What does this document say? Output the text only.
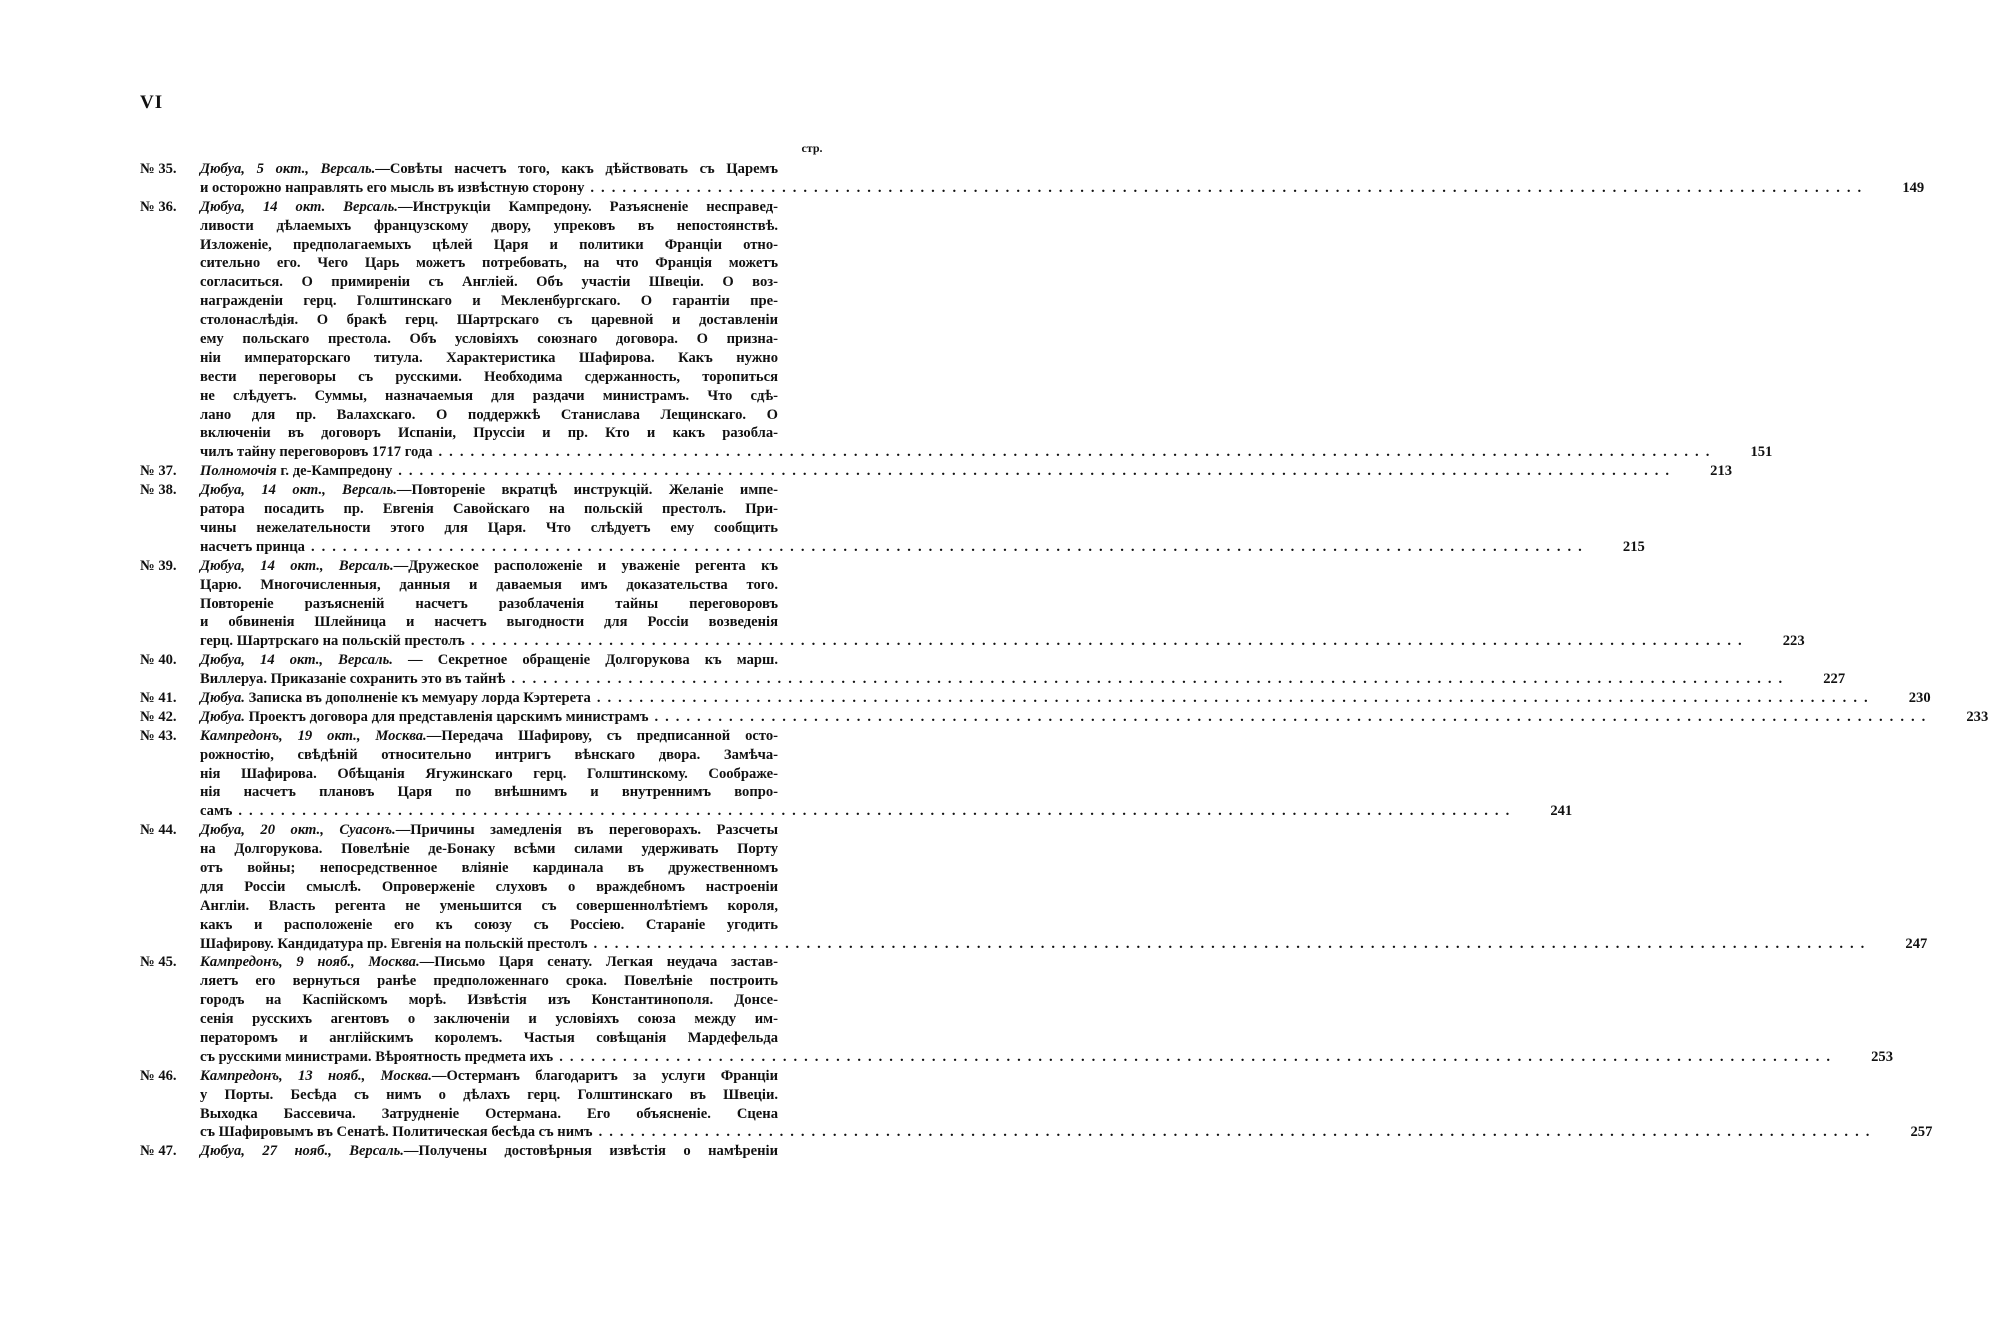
VI
стр.
№ 35.	Дюбуа, 5 окт., Версаль.—Совѣты насчетъ того, какъ дѣйствовать съ Царемъ
и осторожно направлять его мысль въ извѣстную сторону ........................................................................................................................	149
№ 36.	Дюбуа, 14 окт. Версаль.—Инструкціи Кампредону. Разъясненіе несправед-
ливости дѣлаемыхъ французскому двору, упрековъ въ непостоянствѣ.
Изложеніе, предполагаемыхъ цѣлей Царя и политики Франціи отно-
сительно его. Чего Царь можетъ потребовать, на что Франція можетъ
согласиться. О примиреніи съ Англіей. Объ участіи Швеціи. О воз-
награжденіи герц. Голштинскаго и Мекленбургскаго. О гарантіи пре-
столонаслѣдія. О бракѣ герц. Шартрскаго съ царевной и доставленіи
ему польскаго престола. Объ условіяхъ союзнаго договора. О призна-
ніи императорскаго титула. Характеристика Шафирова. Какъ нужно
вести переговоры съ русскими. Необходима сдержанность, торопиться
не слѣдуетъ. Суммы, назначаемыя для раздачи министрамъ. Что сдѣ-
лано для пр. Валахскаго. О поддержкѣ Станислава Лещинскаго. О
включеніи въ договоръ Испаніи, Пруссіи и пр. Кто и какъ разобла-
чилъ тайну переговоровъ 1717 года ........................................................................................................................	151
№ 37.	Полномочія г. де-Кампредону ........................................................................................................................	213
№ 38.	Дюбуа, 14 окт., Версаль.—Повтореніе вкратцѣ инструкцій. Желаніе импе-
ратора посадить пр. Евгенія Савойскаго на польскій престолъ. При-
чины нежелательности этого для Царя. Что слѣдуетъ ему сообщить
насчетъ принца ........................................................................................................................	215
№ 39.	Дюбуа, 14 окт., Версаль.—Дружеское расположеніе и уваженіе регента къ
Царю. Многочисленныя, данныя и даваемыя имъ доказательства того.
Повтореніе разъясненій насчетъ разоблаченія тайны переговоровъ
и обвиненія Шлейница и насчетъ выгодности для Россіи возведенія
герц. Шартрскаго на польскій престолъ ........................................................................................................................	223
№ 40.	Дюбуа, 14 окт., Версаль. — Секретное обращеніе Долгорукова къ марш.
Виллеруа. Приказаніе сохранить это въ тайнѣ ........................................................................................................................	227
№ 41.	Дюбуа. Записка въ дополненіе къ мемуару лорда Кэртерета ........................................................................................................................	230
№ 42.	Дюбуа. Проектъ договора для представленія царскимъ министрамъ ........................................................................................................................	233
№ 43.	Кампредонъ, 19 окт., Москва.—Передача Шафирову, съ предписанной осто-
рожностію, свѣдѣній относительно интригъ вѣнскаго двора. Замѣча-
нія Шафирова. Обѣщанія Ягужинскаго герц. Голштинскому. Соображе-
нія насчетъ плановъ Царя по внѣшнимъ и внутреннимъ вопро-
самъ ........................................................................................................................	241
№ 44.	Дюбуа, 20 окт., Суасонъ.—Причины замедленія въ переговорахъ. Разсчеты
на Долгорукова. Повелѣніе де-Бонаку всѣми силами удерживать Порту
отъ войны; непосредственное вліяніе кардинала въ дружественномъ
для Россіи смыслѣ. Опроверженіе слуховъ о враждебномъ настроеніи
Англіи. Власть регента не уменьшится съ совершеннолѣтіемъ короля,
какъ и расположеніе его къ союзу съ Россіею. Стараніе угодить
Шафирову. Кандидатура пр. Евгенія на польскій престолъ ........................................................................................................................	247
№ 45.	Кампредонъ, 9 нояб., Москва.—Письмо Царя сенату. Легкая неудача застав-
ляетъ его вернуться ранѣе предположеннаго срока. Повелѣніе построить
городъ на Каспійскомъ морѣ. Извѣстія изъ Константинополя. Донсе-
сенія русскихъ агентовъ о заключеніи и условіяхъ союза между им-
ператоромъ и англійскимъ королемъ. Частыя совѣщанія Мардефельда
съ русскими министрами. Вѣроятность предмета ихъ ........................................................................................................................	253
№ 46.	Кампредонъ, 13 нояб., Москва.—Остерманъ благодаритъ за услуги Франціи
у Порты. Бесѣда съ нимъ о дѣлахъ герц. Голштинскаго въ Швеціи.
Выходка Бассевича. Затрудненіе Остермана. Его объясненіе. Сцена
съ Шафировымъ въ Сенатѣ. Политическая бесѣда съ нимъ ........................................................................................................................	257
№ 47.	Дюбуа, 27 нояб., Версаль.—Получены достовѣрныя извѣстія о намѣреніи
